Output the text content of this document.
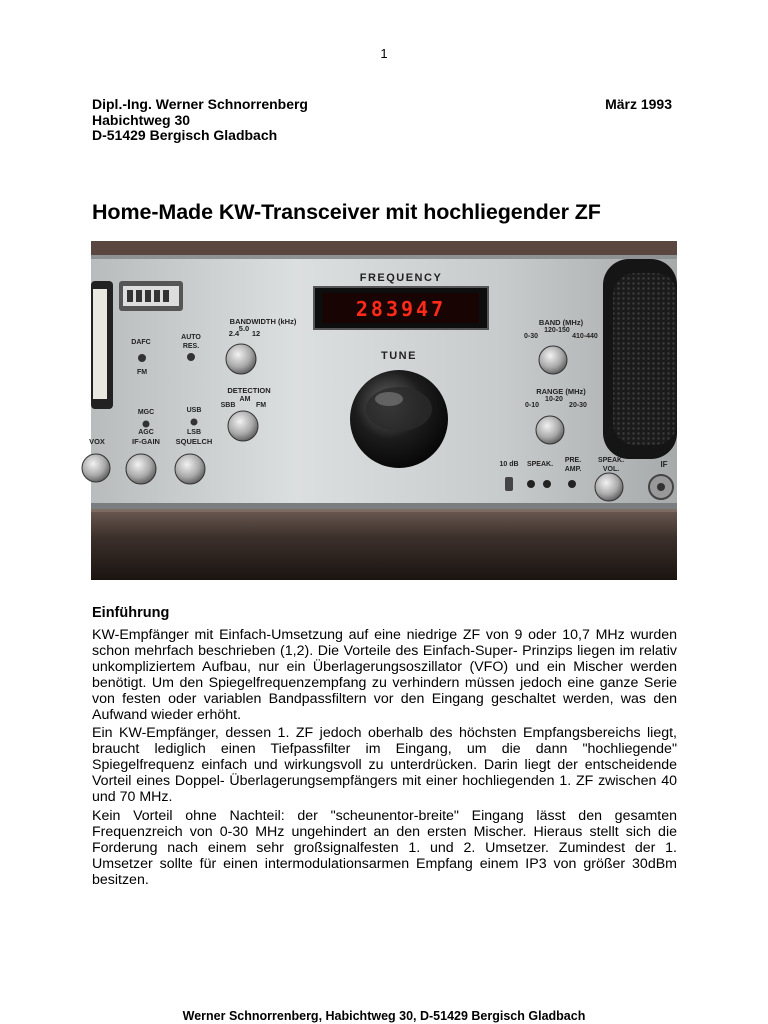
1
Dipl.-Ing. Werner Schnorrenberg
Habichtweg 30
D-51429 Bergisch Gladbach
März 1993
Home-Made KW-Transceiver mit hochliegender ZF
FREQUENCY
283947
TUNE
BANDWIDTH (kHz)
2.4
5.0
12
AUTO
RES.
DAFC
FM
DETECTION
SBB
AM
FM
MGC
AGC
USB
LSB
VOX	IF-GAIN SQUELCH
BAND (MHz)
0-30
120-150
410-440
RANGE (MHz)
0-10
10-20
20-30
10 dB SPEAK.
PRE.
AMP.
SPEAK.
VOL.
IF
Einführung

KW-Empfänger mit Einfach-Umsetzung auf eine niedrige ZF von 9 oder 10,7 MHz wurden schon mehrfach beschrieben (1,2). Die Vorteile des Einfach-Super- Prinzips liegen im relativ unkompliziertem Aufbau, nur ein Überlagerungsoszillator (VFO) und ein Mischer werden benötigt. Um den Spiegelfrequenzempfang zu verhindern müssen jedoch eine ganze Serie von festen oder variablen Bandpassfiltern vor den Eingang geschaltet werden, was den Aufwand wieder erhöht.

Ein KW-Empfänger, dessen 1. ZF jedoch oberhalb des höchsten Empfangsbereichs liegt, braucht lediglich einen Tiefpassfilter im Eingang, um die dann "hochliegende" Spiegelfrequenz einfach und wirkungsvoll zu unterdrücken. Darin liegt der entscheidende Vorteil eines Doppel- Überlagerungsempfängers mit einer hochliegenden 1. ZF zwischen 40 und 70 MHz.

Kein Vorteil ohne Nachteil: der "scheunentor-breite" Eingang lässt den gesamten Frequenzreich von 0-30 MHz ungehindert an den ersten Mischer. Hieraus stellt sich die Forderung nach einem sehr großsignalfesten 1. und 2. Umsetzer. Zumindest der 1. Umsetzer sollte für einen intermodulationsarmen Empfang einem IP3 von größer 30dBm besitzen.

Werner Schnorrenberg, Habichtweg 30, D-51429 Bergisch Gladbach
